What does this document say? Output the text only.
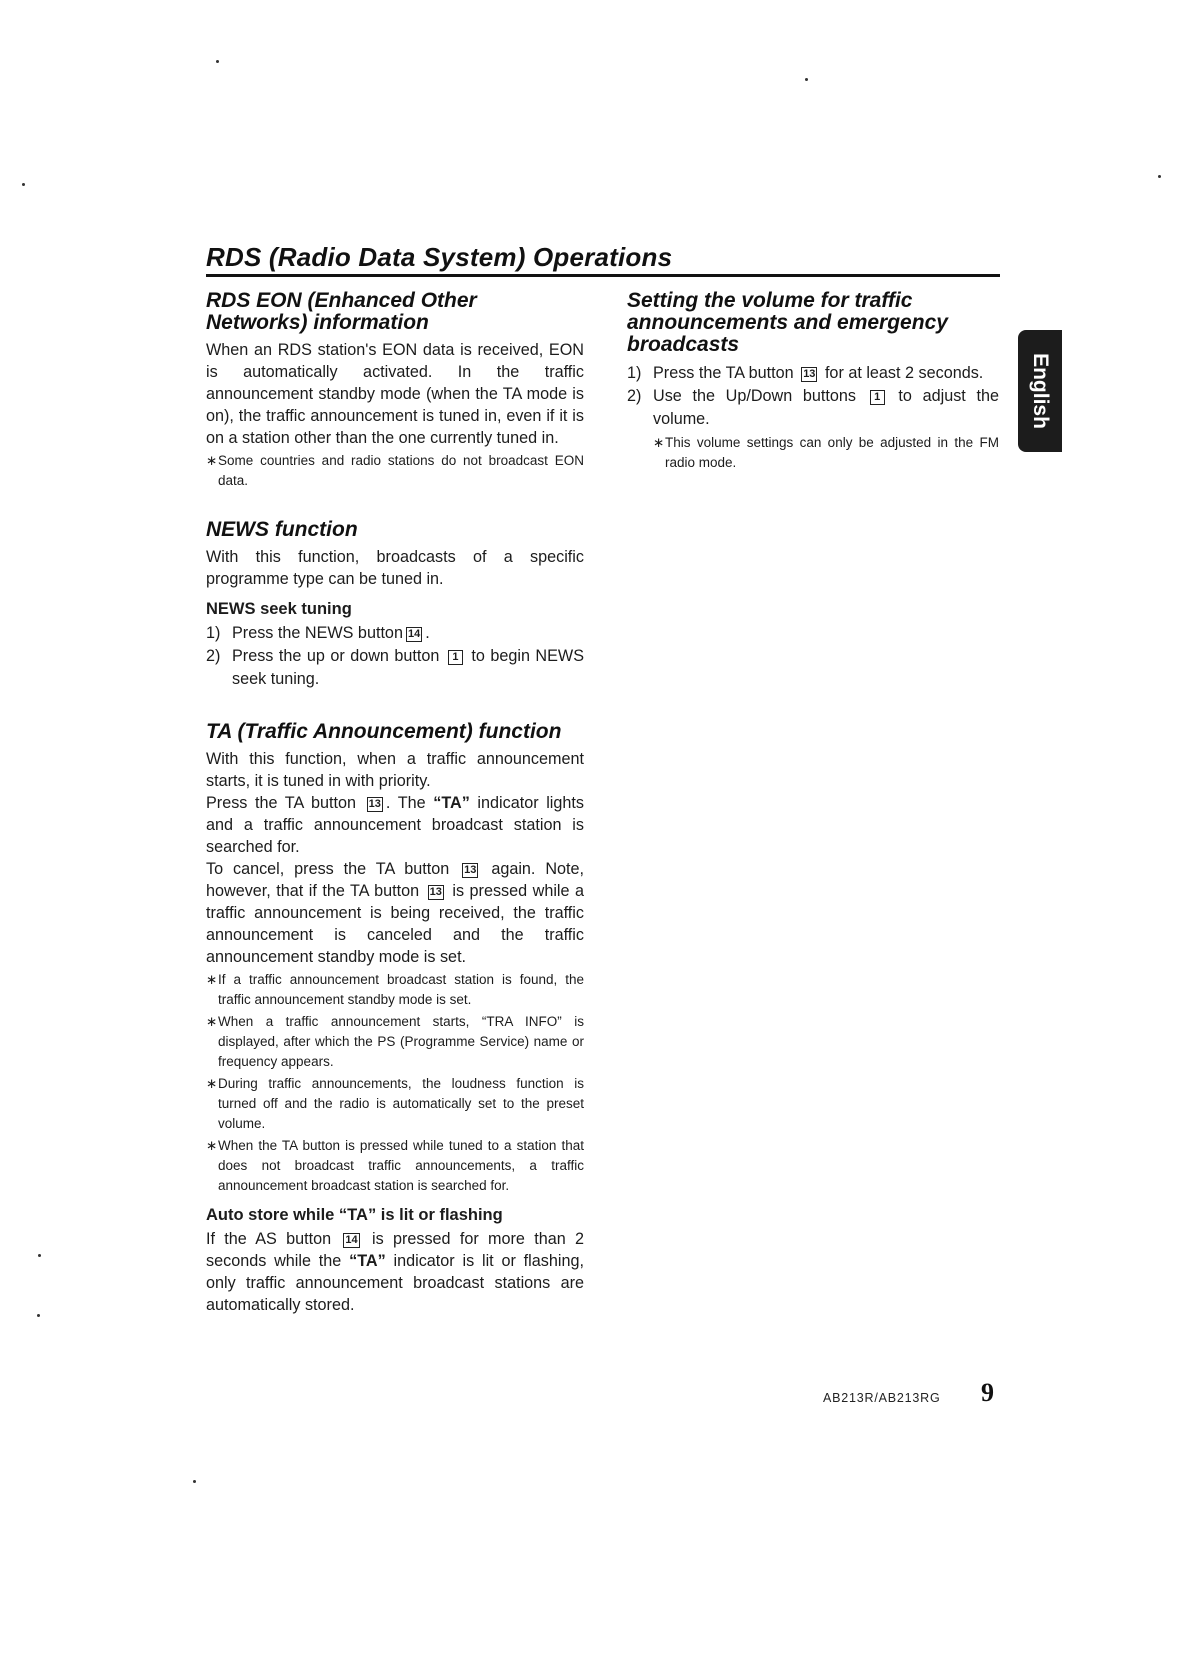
RDS (Radio Data System) Operations
English
RDS EON (Enhanced Other Networks) information

When an RDS station's EON data is received, EON is automatically activated. In the traffic announcement standby mode (when the TA mode is on), the traffic announcement is tuned in, even if it is on a station other than the one currently tuned in.

∗ Some countries and radio stations do not broadcast EON data.
NEWS function

With this function, broadcasts of a specific programme type can be tuned in.

NEWS seek tuning
1) Press the NEWS button 14 .
2) Press the up or down button 1 to begin NEWS seek tuning.
TA (Traffic Announcement) function

With this function, when a traffic announcement starts, it is tuned in with priority.

Press the TA button 13 . The “TA” indicator lights and a traffic announcement broadcast station is searched for.

To cancel, press the TA button 13 again. Note, however, that if the TA button 13 is pressed while a traffic announcement is being received, the traffic announcement is canceled and the traffic announcement standby mode is set.

∗ If a traffic announcement broadcast station is found, the traffic announcement standby mode is set.
∗ When a traffic announcement starts, “TRA INFO” is displayed, after which the PS (Programme Service) name or frequency appears.
∗ During traffic announcements, the loudness function is turned off and the radio is automatically set to the preset volume.
∗ When the TA button is pressed while tuned to a station that does not broadcast traffic announcements, a traffic announcement broadcast station is searched for.
Auto store while “TA” is lit or flashing

If the AS button 14 is pressed for more than 2 seconds while the “TA” indicator is lit or flashing, only traffic announcement broadcast stations are automatically stored.

Setting the volume for traffic announcements and emergency broadcasts
1) Press the TA button 13 for at least 2 seconds.
2) Use the Up/Down buttons 1 to adjust the volume.
∗ This volume settings can only be adjusted in the FM radio mode.
AB213R/AB213RG 9
